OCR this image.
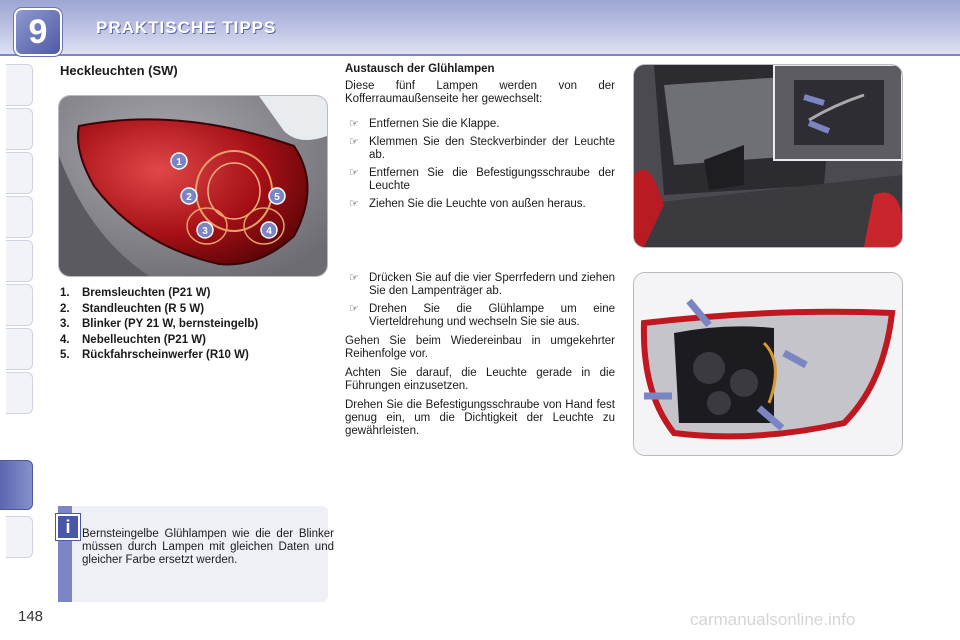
9	PRAKTISCHE TIPPS
Heckleuchten (SW)
1
2
3	4
5
1. Bremsleuchten (P21 W)
2. Standleuchten (R 5 W)
3. Blinker (PY 21 W, bernsteingelb)
4. Nebelleuchten (P21 W)
5. Rückfahrscheinwerfer (R10 W)
i	Bernsteingelbe Glühlampen wie die der Blinker müssen durch Lampen mit gleichen Daten und gleicher Farbe ersetzt werden.

Austausch der Glühlampen

Diese fünf Lampen werden von der Kofferraumaußenseite her gewechselt:

☞ Entfernen Sie die Klappe.
☞ Klemmen Sie den Steckverbinder der Leuchte ab.
☞ Entfernen Sie die Befestigungsschraube der Leuchte
☞ Ziehen Sie die Leuchte von außen heraus.
☞ Drücken Sie auf die vier Sperrfedern und ziehen Sie den Lampenträger ab.
☞ Drehen Sie die Glühlampe um eine Vierteldrehung und wechseln Sie sie aus.

Gehen Sie beim Wiedereinbau in umgekehrter Reihenfolge vor.

Achten Sie darauf, die Leuchte gerade in die Führungen einzusetzen.

Drehen Sie die Befestigungsschraube von Hand fest genug ein, um die Dichtigkeit der Leuchte zu gewährleisten.

148	carmanualsonline.info
